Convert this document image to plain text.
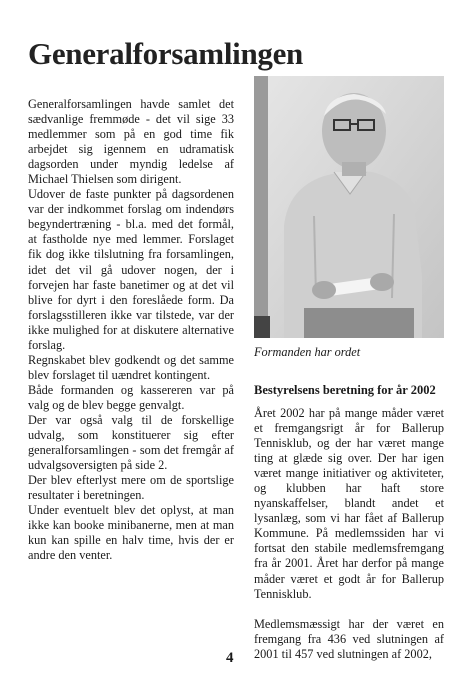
Generalforsamlingen

Generalforsamlingen havde samlet det sædvanlige fremmøde - det vil sige 33 medlemmer som på en god time fik arbejdet sig igennem en udramatisk dagsorden under myndig ledelse af Michael Thielsen som dirigent.

Udover de faste punkter på dagsordenen var der indkommet forslag om indendørs begyndertræning - bl.a. med det formål, at fastholde nye med lemmer. Forslaget fik dog ikke tilslutning fra forsamlingen, idet det vil gå udover nogen, der i forvejen har faste banetimer og at det vil blive for dyrt i den foreslåede form. Da forslagsstilleren ikke var tilstede, var der ikke mulighed for at diskutere alternative forslag.

Regnskabet blev godkendt og det samme blev forslaget til uændret kontingent.

Både formanden og kassereren var på valg og de blev begge genvalgt.

Der var også valg til de forskellige udvalg, som konstituerer sig efter generalforsamlingen - som det fremgår af udvalgsoversigten på side 2.

Der blev efterlyst mere om de sportslige resultater i beretningen.

Under eventuelt blev det oplyst, at man ikke kan booke minibanerne, men at man kun kan spille en halv time, hvis der er andre den venter.

Formanden har ordet
Bestyrelsens beretning for år 2002

Året 2002 har på mange måder været et fremgangsrigt år for Ballerup Tennisklub, og der har været mange ting at glæde sig over. Der har igen været mange initiativer og aktiviteter, og klubben har haft store nyanskaffelser, blandt andet et lysanlæg, som vi har fået af Ballerup Kommune. På medlemssiden har vi fortsat den stabile medlemsfremgang fra år 2001. Året har derfor på mange måder været et godt år for Ballerup Tennisklub.

Medlemsmæssigt har der været en fremgang fra 436 ved slutningen af 2001 til 457 ved slutningen af 2002,

4
